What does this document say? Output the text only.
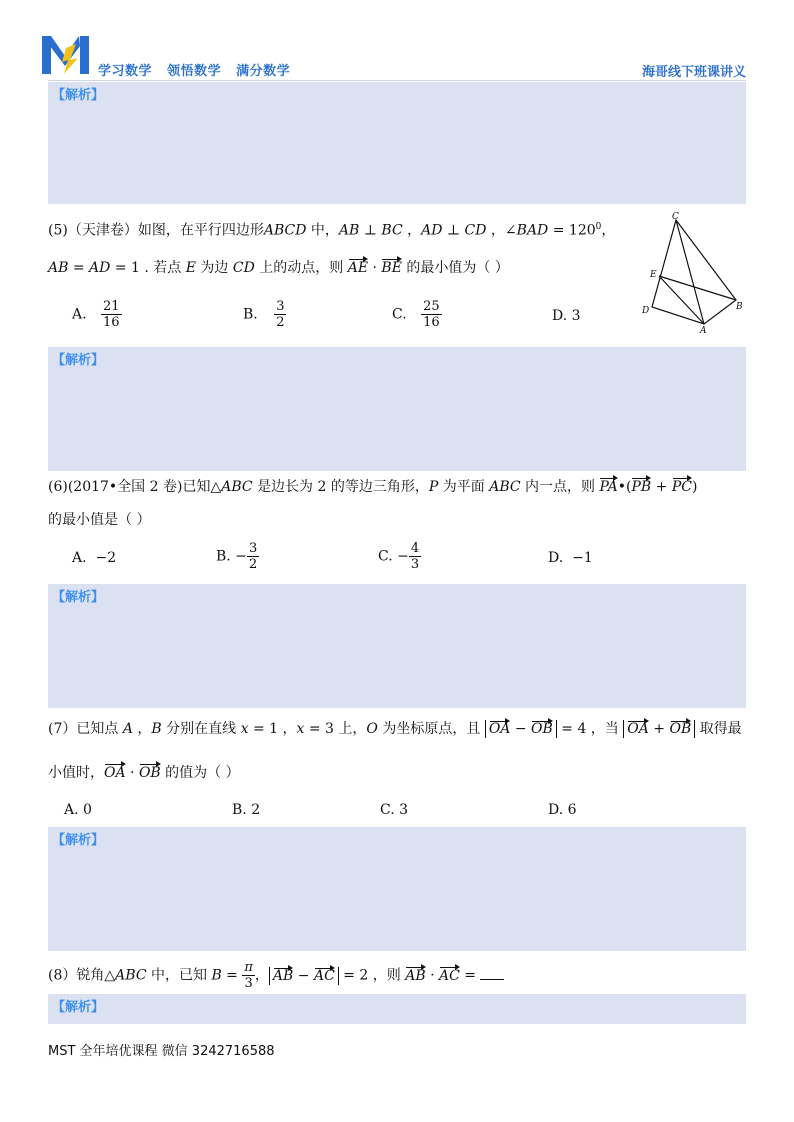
学习数学   领悟数学   满分数学	海哥线下班课讲义
【解析】
(5)（天津卷）如图，在平行四边形ABCD 中，AB ⊥ BC ，AD ⊥ CD ，∠BAD = $120^0$，
AB = AD = 1 . 若点 E 为边 CD 上的动点，则 AE · BE 的最小值为（ ）
A. $\frac{21}{16}$	B. $\frac{3}{2}$	C. $\frac{25}{16}$	D. 3
C
E
B
D
A
【解析】
(6)(2017•全国 2 卷)已知△ABC 是边长为 2 的等边三角形，P 为平面 ABC 内一点，则 PA•(PB + PC)
的最小值是（ ）
A. −2	B. − $\frac{3}{2}$	C. − $\frac{4}{3}$	D. −1
【解析】
(7）已知点 A ，B 分别在直线 x = 1 ，x = 3 上，O 为坐标原点，且 OA − OB = 4 ，当 OA + OB 取得最
小值时，OA · OB 的值为（ ）
A. 0	B. 2	C. 3	D. 6
【解析】
(8）锐角△ABC 中，已知 $B = \frac{\pi}{3}$ ， AB − AC = 2 ，则 AB · AC =
【解析】
MST 全年培优课程 微信 3242716588
